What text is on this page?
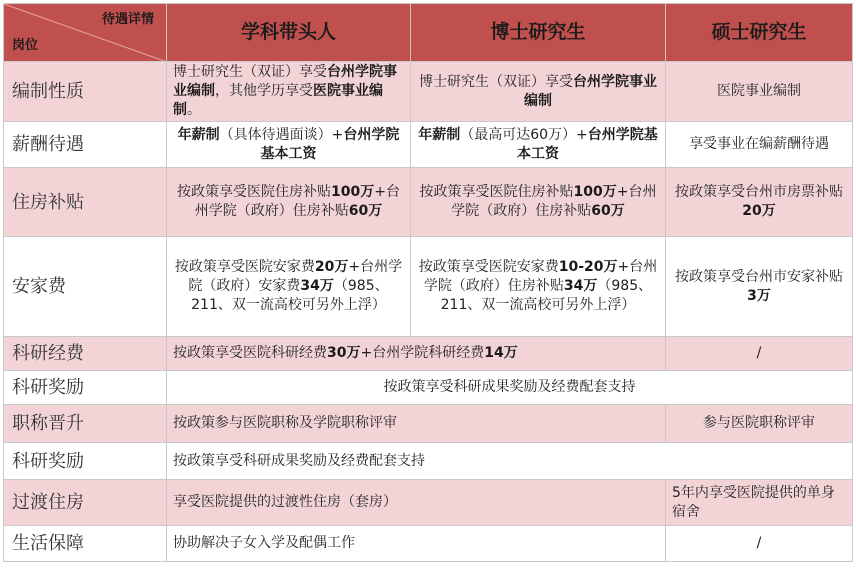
待遇详情
岗位	学科带头人	博士研究生	硕士研究生
编制性质	博士研究生（双证）享受台州学院事业编制，其他学历享受医院事业编制。	博士研究生（双证）享受台州学院事业编制	医院事业编制
薪酬待遇	年薪制（具体待遇面谈）+台州学院基本工资	年薪制（最高可达60万）+台州学院基本工资	享受事业在编薪酬待遇
住房补贴	按政策享受医院住房补贴100万+台州学院（政府）住房补贴60万	按政策享受医院住房补贴100万+台州学院（政府）住房补贴60万	按政策享受台州市房票补贴20万
安家费	按政策享受医院安家费20万+台州学院（政府）安家费34万（985、211、双一流高校可另外上浮）	按政策享受医院安家费10-20万+台州学院（政府）住房补贴34万（985、211、双一流高校可另外上浮）	按政策享受台州市安家补贴3万
科研经费	按政策享受医院科研经费30万+台州学院科研经费14万		/
科研奖励	按政策享受科研成果奖励及经费配套支持		
职称晋升	按政策参与医院职称及学院职称评审		参与医院职称评审
科研奖励	按政策享受科研成果奖励及经费配套支持		
过渡住房	享受医院提供的过渡性住房（套房）		5年内享受医院提供的单身宿舍
生活保障	协助解决子女入学及配偶工作		/
